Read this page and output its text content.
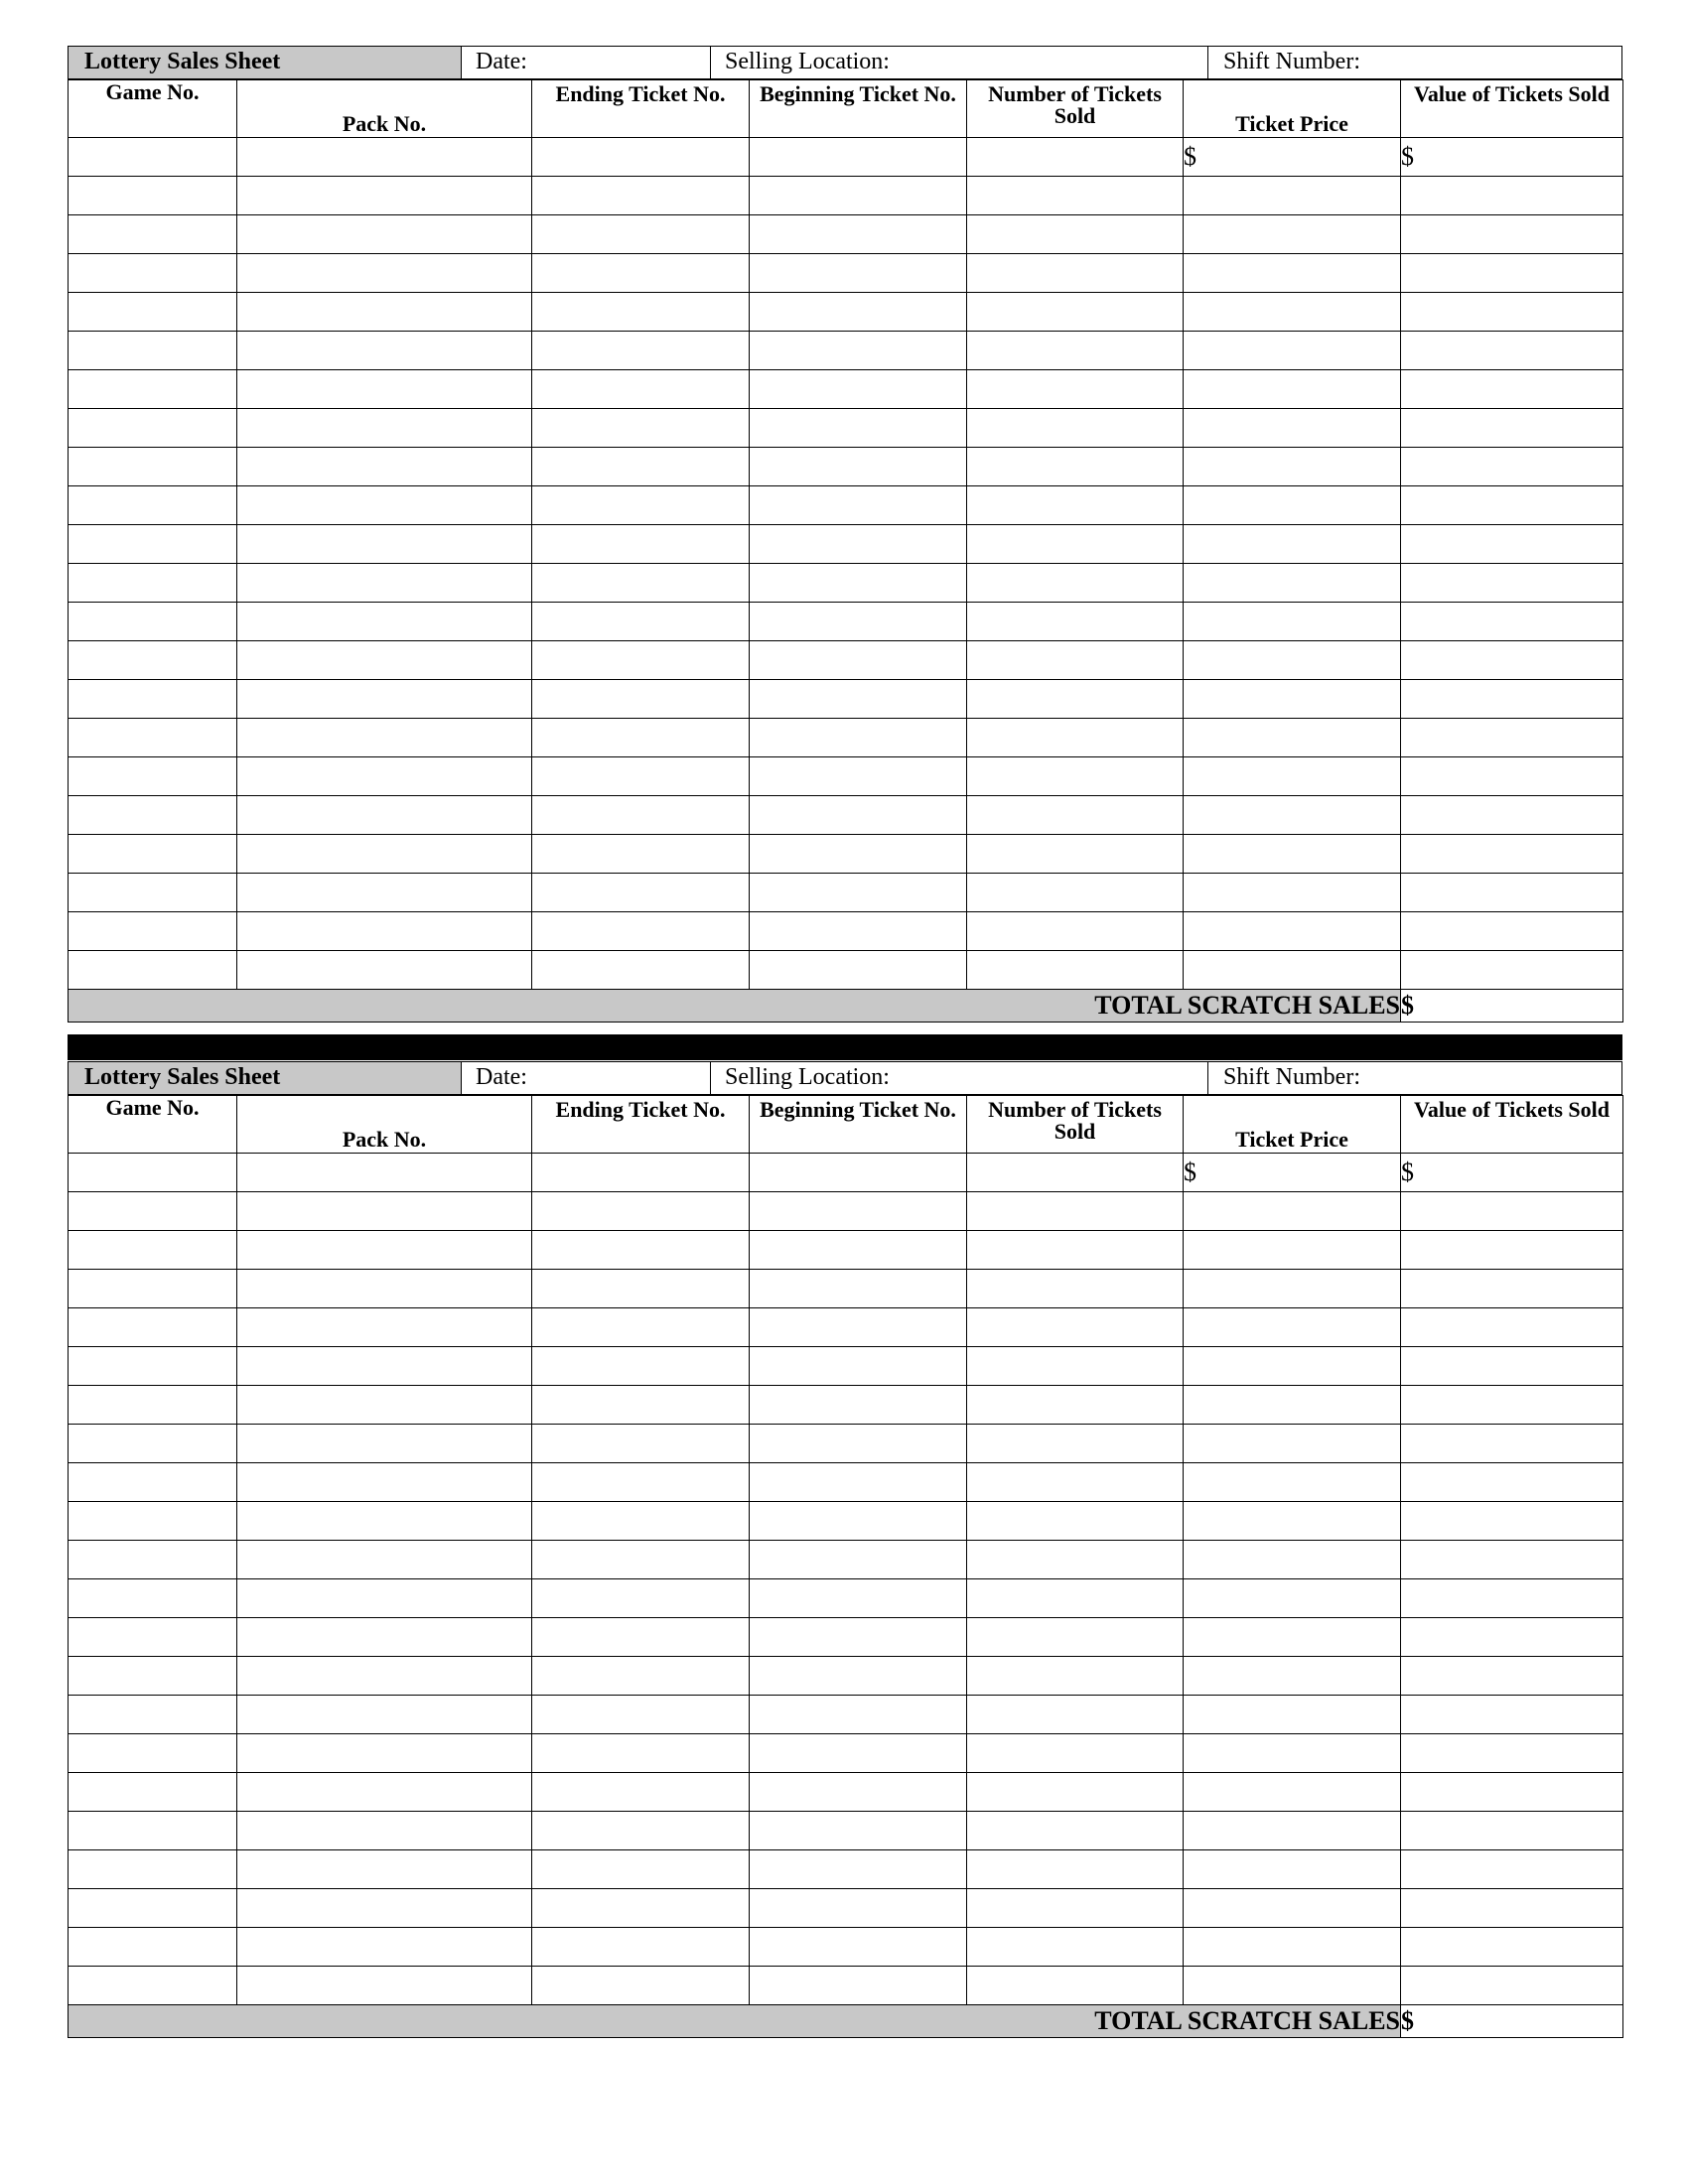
Lottery Sales Sheet	Date:	Selling Location:	Shift Number:
Game No.	Pack No.	Ending Ticket No.	Beginning Ticket No.	Number of Tickets Sold	Ticket Price	Value of Tickets Sold

					$	$

TOTAL SCRATCH SALES						$
Lottery Sales Sheet	Date:	Selling Location:	Shift Number:
Game No.	Pack No.	Ending Ticket No.	Beginning Ticket No.	Number of Tickets Sold	Ticket Price	Value of Tickets Sold

					$	$

TOTAL SCRATCH SALES						$
